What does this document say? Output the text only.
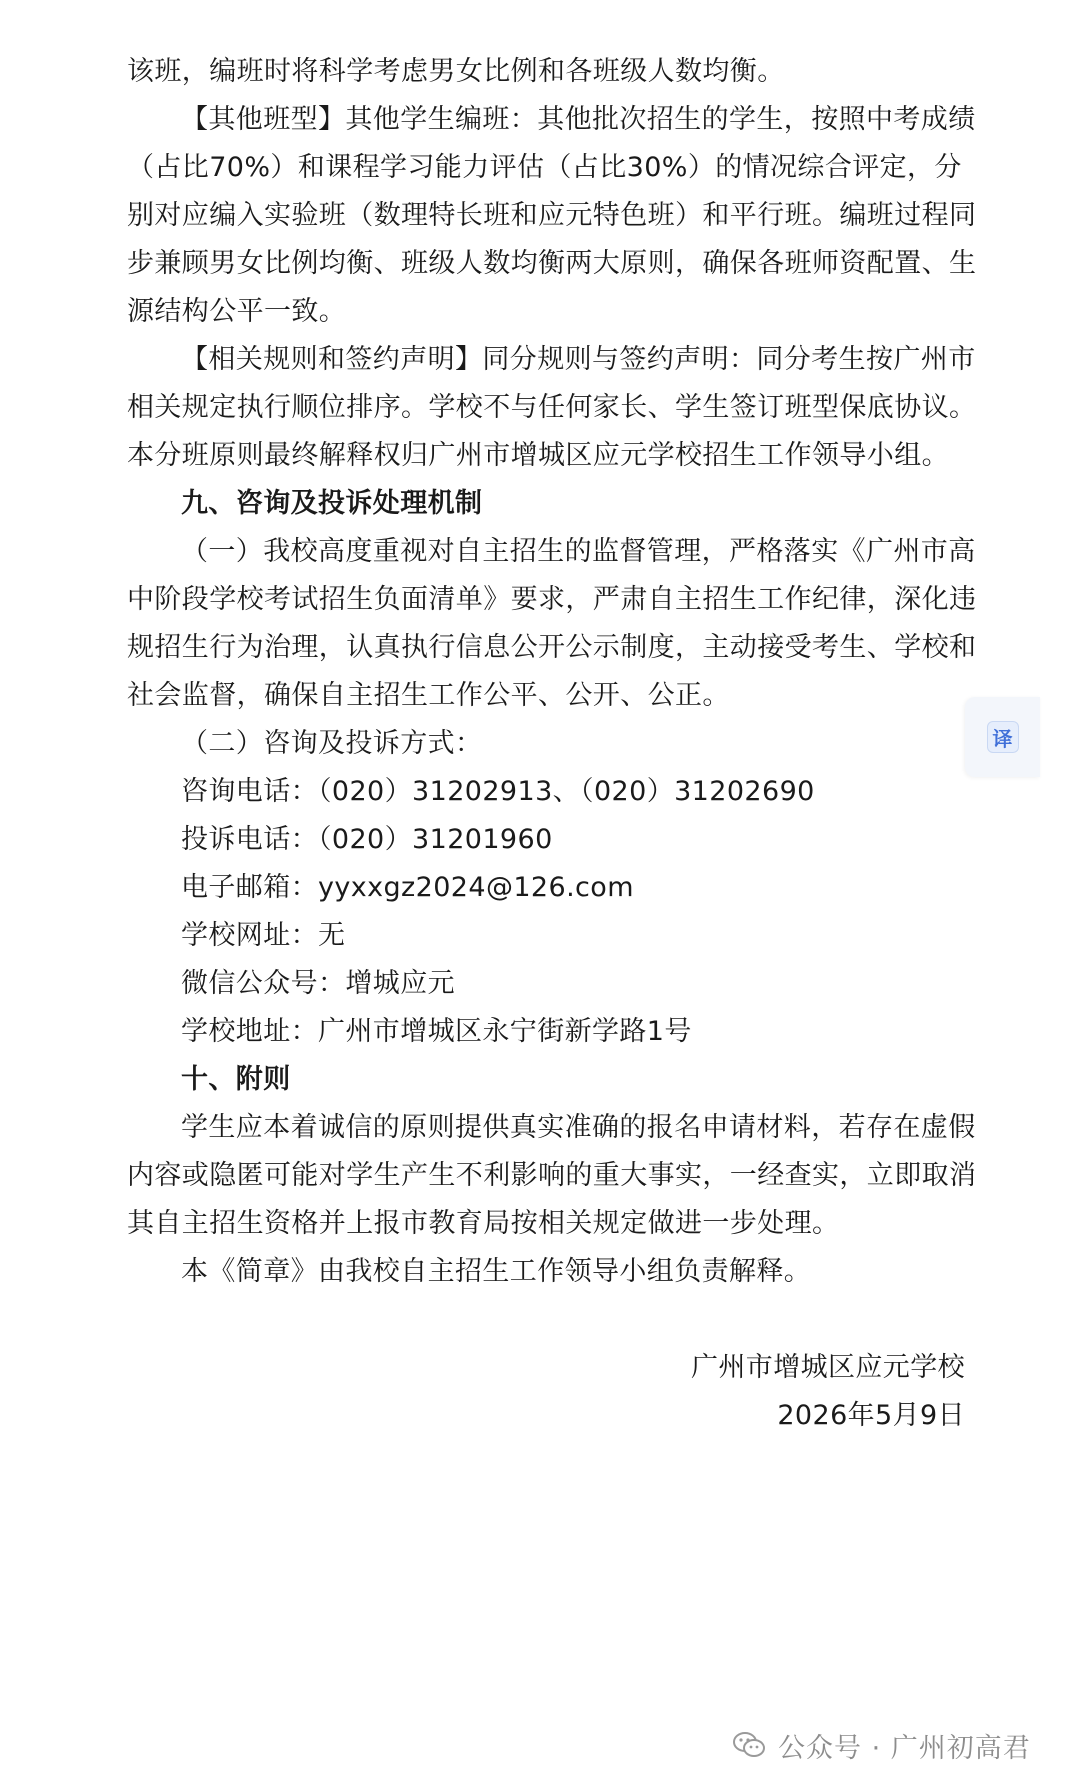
该班，编班时将科学考虑男女比例和各班级人数均衡。
【其他班型】其他学生编班：其他批次招生的学生，按照中考成绩
（占比70%）和课程学习能力评估（占比30%）的情况综合评定，分
别对应编入实验班（数理特长班和应元特色班）和平行班。编班过程同
步兼顾男女比例均衡、班级人数均衡两大原则，确保各班师资配置、生
源结构公平一致。
【相关规则和签约声明】同分规则与签约声明：同分考生按广州市
相关规定执行顺位排序。学校不与任何家长、学生签订班型保底协议。
本分班原则最终解释权归广州市增城区应元学校招生工作领导小组。
九、咨询及投诉处理机制
（一）我校高度重视对自主招生的监督管理，严格落实《广州市高
中阶段学校考试招生负面清单》要求，严肃自主招生工作纪律，深化违
规招生行为治理，认真执行信息公开公示制度，主动接受考生、学校和
社会监督，确保自主招生工作公平、公开、公正。
（二）咨询及投诉方式：
咨询电话：（020）31202913、（020）31202690
投诉电话：（020）31201960
电子邮箱：yyxxgz2024@126.com
学校网址：无
微信公众号：增城应元
学校地址：广州市增城区永宁街新学路1号
十、附则
学生应本着诚信的原则提供真实准确的报名申请材料，若存在虚假
内容或隐匿可能对学生产生不利影响的重大事实，一经查实，立即取消
其自主招生资格并上报市教育局按相关规定做进一步处理。
本《简章》由我校自主招生工作领导小组负责解释。
广州市增城区应元学校
2026年5月9日
译
公众号 · 广州初高君
